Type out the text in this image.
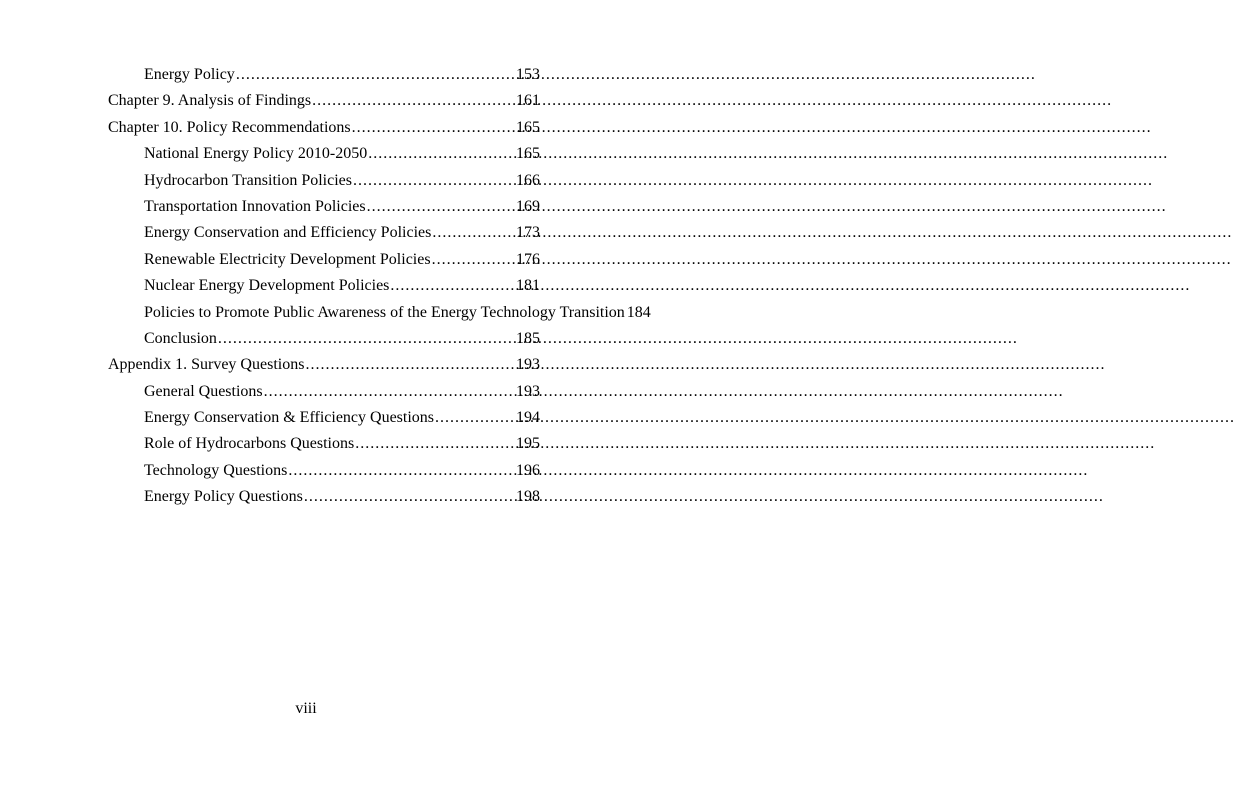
Energy Policy .....	153
Chapter 9. Analysis of Findings .....	161
Chapter 10. Policy Recommendations .....	165
National Energy Policy 2010-2050 .....	165
Hydrocarbon Transition Policies .....	166
Transportation Innovation Policies .....	169
Energy Conservation and Efficiency Policies .....	173
Renewable Electricity Development Policies .....	176
Nuclear Energy Development Policies .....	181
Policies to Promote Public Awareness of the Energy Technology Transition 184
Conclusion .....	185
Appendix 1. Survey Questions .....	193
General Questions .....	193
Energy Conservation & Efficiency Questions .....	194
Role of Hydrocarbons Questions .....	195
Technology Questions .....	196
Energy Policy Questions .....	198
viii
